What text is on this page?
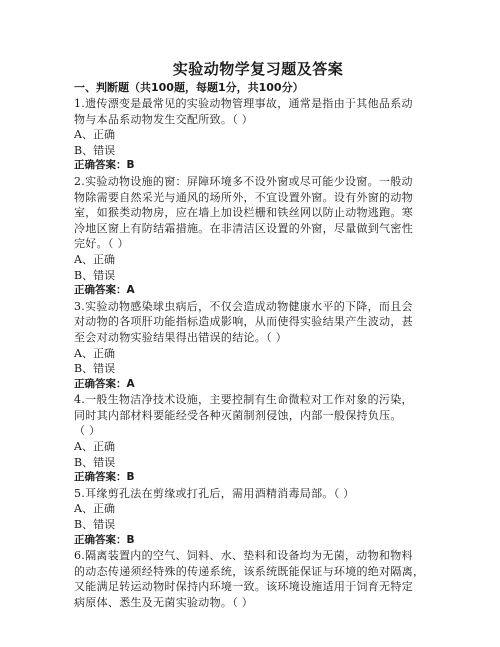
实验动物学复习题及答案
一、判断题（共100题，每题1分，共100分）

1.遗传漂变是最常见的实验动物管理事故，通常是指由于其他品系动

物与本品系动物发生交配所致。（ ）

A、正确

B、错误

正确答案：B

2.实验动物设施的窗：屏障环境多不设外窗或尽可能少设窗。一般动

物除需要自然采光与通风的场所外，不宜设置外窗。设有外窗的动物

室，如猴类动物房，应在墙上加设栏栅和铁丝网以防止动物逃跑。寒

冷地区窗上有防结霜措施。在非清洁区设置的外窗，尽量做到气密性

完好。（ ）

A、正确

B、错误

正确答案：A

3.实验动物感染球虫病后，不仅会造成动物健康水平的下降，而且会

对动物的各项肝功能指标造成影响，从而使得实验结果产生波动，甚

至会对动物实验结果得出错误的结论。（ ）

A、正确

B、错误

正确答案：A

4.一般生物洁净技术设施，主要控制有生命微粒对工作对象的污染，

同时其内部材料要能经受各种灭菌制剂侵蚀，内部一般保持负压。

（ ）

A、正确

B、错误

正确答案：B

5.耳缘剪孔法在剪缘或打孔后，需用酒精消毒局部。（ ）

A、正确

B、错误

正确答案：B

6.隔离装置内的空气、饲料、水、垫料和设备均为无菌，动物和物料

的动态传递须经特殊的传递系统，该系统既能保证与环境的绝对隔离，

又能满足转运动物时保持内环境一致。该环境设施适用于饲育无特定

病原体、悉生及无菌实验动物。（ ）
